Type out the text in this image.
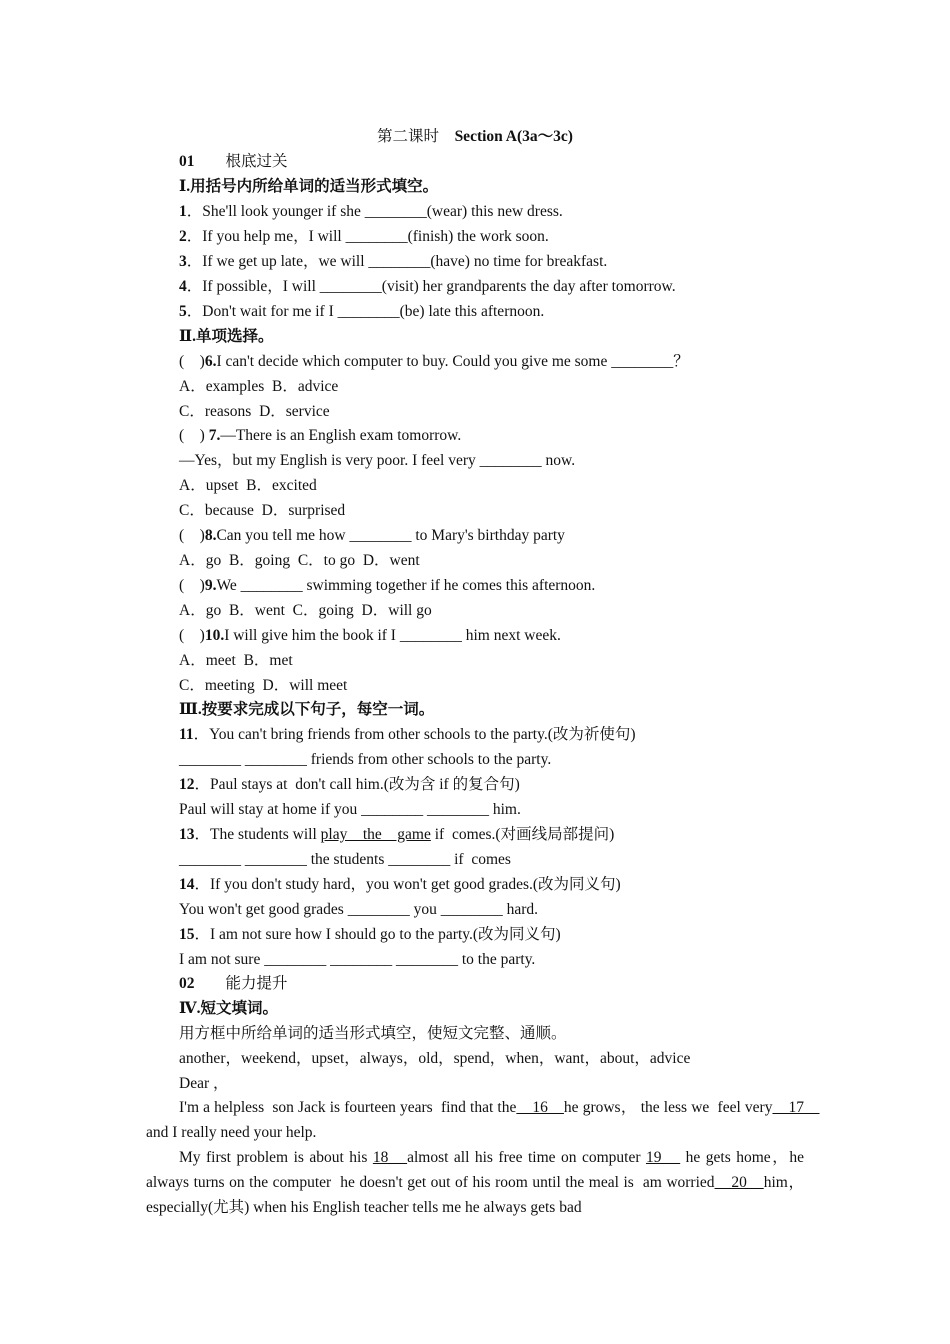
第二课时　 Section A(3a～3c)
01　　 根底过关
Ⅰ.用括号内所给单词的适当形式填空。
1．She'll look younger if she ________(wear) this new dress.
2．If you help me，I will ________(finish) the work soon.
3．If we get up late，we will ________(have) no time for breakfast.
4．If possible，I will ________(visit) her grandparents the day after tomorrow.
5．Don't wait for me if I ________(be) late this afternoon.
Ⅱ.单项选择。
(　)6.I can't decide which computer to buy. Could you give me some ________？
A．examples  B．advice
C．reasons  D．service
(　) 7.—There is an English exam tomorrow.
—Yes，but my English is very poor. I feel very ________ now.
A．upset  B．excited
C．because  D．surprised
(　)8.Can you tell me how ________ to Mary's birthday party
A．go  B．going  C．to go  D．went
(　)9.We ________ swimming together if he comes this afternoon.
A．go  B．went  C．going  D．will go
(　)10.I will give him the book if I ________ him next week.
A．meet  B．met
C．meeting  D．will meet
Ⅲ.按要求完成以下句子，每空一词。
11．You can't bring friends from other schools to the party.(改为祈使句)
________ ________ friends from other schools to the party.
12．Paul stays at  don't call him.(改为含 if 的复合句)
Paul will stay at home if you ________ ________ him.
13．The students will play　the　game if  comes.(对画线局部提问)
________ ________ the students ________ if  comes
14．If you don't study hard，you won't get good grades.(改为同义句)
You won't get good grades ________ you ________ hard.
15．I am not sure how I should go to the party.(改为同义句)
I am not sure ________ ________ ________ to the party.
02　　 能力提升
Ⅳ.短文填词。
用方框中所给单词的适当形式填空，使短文完整、通顺。
another，weekend，upset，always，old，spend，when，want，about，advice
Dear ，
I'm a helpless  son Jack is fourteen years  find that the　16　he grows， the less we  feel very　17　and I really need your help.
My first problem is about his 18　almost all his free time on computer 19　 he gets home，he always turns on the computer  he doesn't get out of his room until the meal is  am worried　20　him， especially(尤其) when his English teacher tells me he always gets bad
